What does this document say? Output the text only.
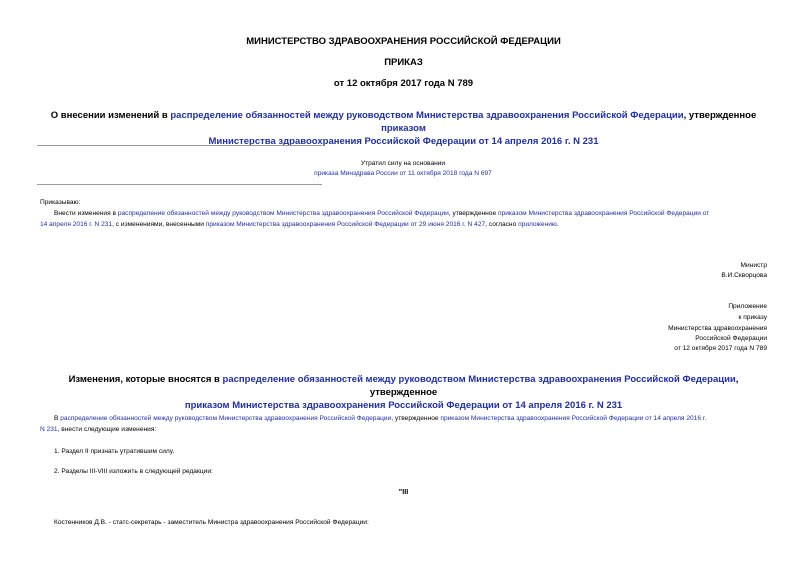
МИНИСТЕРСТВО ЗДРАВООХРАНЕНИЯ РОССИЙСКОЙ ФЕДЕРАЦИИ
ПРИКАЗ
от 12 октября 2017 года N 789
О внесении изменений в распределение обязанностей между руководством Министерства здравоохранения Российской Федерации, утвержденное приказом
Министерства здравоохранения Российской Федерации от 14 апреля 2016 г. N 231
Утратил силу на основании
приказа Минздрава России от 11 октября 2018 года N 697
Приказываю:
Внести изменения в распределение обязанностей между руководством Министерства здравоохранения Российской Федерации, утвержденное приказом Министерства здравоохранения Российской Федерации от
14 апреля 2016 г. N 231, с изменениями, внесенными приказом Министерства здравоохранения Российской Федерации от 29 июня 2016 г. N 427, согласно приложению.
Министр
В.И.Скворцова
Приложение
к приказу
Министерства здравоохранения
Российской Федерации
от 12 октября 2017 года N 789
Изменения, которые вносятся в распределение обязанностей между руководством Министерства здравоохранения Российской Федерации, утвержденное
приказом Министерства здравоохранения Российской Федерации от 14 апреля 2016 г. N 231
В распределение обязанностей между руководством Министерства здравоохранения Российской Федерации, утвержденное приказом Министерства здравоохранения Российской Федерации от 14 апреля 2016 г.
N 231, внести следующие изменения:
1. Раздел II признать утратившим силу.
2. Разделы III-VIII изложить в следующей редакции:
"III
Костенников Д.В. - статс-секретарь - заместитель Министра здравоохранения Российской Федерации:
